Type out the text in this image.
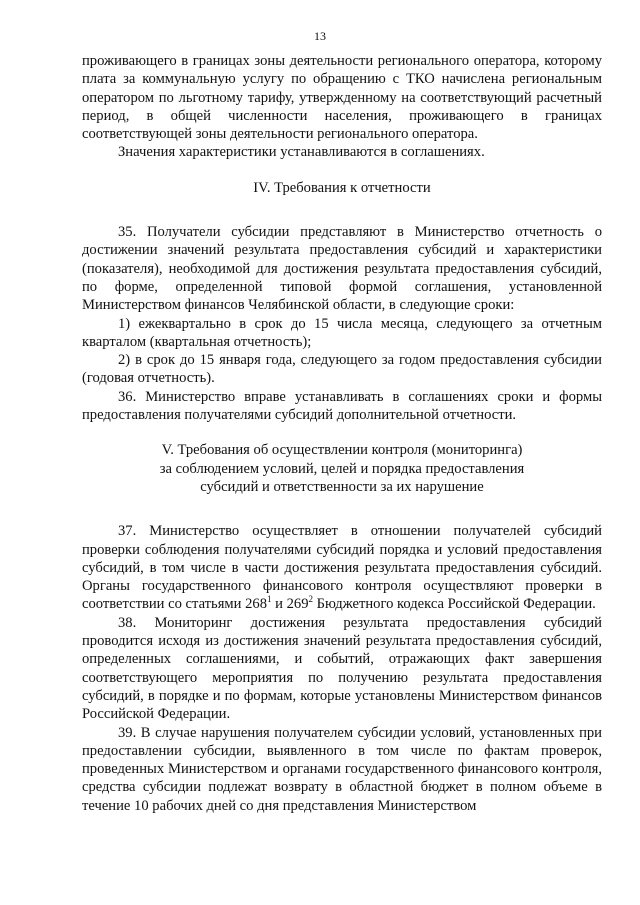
13

проживающего в границах зоны деятельности регионального оператора, которому плата за коммунальную услугу по обращению с ТКО начислена региональным оператором по льготному тарифу, утвержденному на соответствующий расчетный период, в общей численности населения, проживающего в границах соответствующей зоны деятельности регионального оператора.

Значения характеристики устанавливаются в соглашениях.

IV. Требования к отчетности

35. Получатели субсидии представляют в Министерство отчетность о достижении значений результата предоставления субсидий и характеристики (показателя), необходимой для достижения результата предоставления субсидий, по форме, определенной типовой формой соглашения, установленной Министерством финансов Челябинской области, в следующие сроки:

1) ежеквартально в срок до 15 числа месяца, следующего за отчетным кварталом (квартальная отчетность);

2) в срок до 15 января года, следующего за годом предоставления субсидии (годовая отчетность).

36. Министерство вправе устанавливать в соглашениях сроки и формы предоставления получателями субсидий дополнительной отчетности.

V. Требования об осуществлении контроля (мониторинга)

за соблюдением условий, целей и порядка предоставления

субсидий и ответственности за их нарушение

37. Министерство осуществляет в отношении получателей субсидий проверки соблюдения получателями субсидий порядка и условий предоставления субсидий, в том числе в части достижения результата предоставления субсидий. Органы государственного финансового контроля осуществляют проверки в соответствии со статьями $268^1$ и $269^2$ Бюджетного кодекса Российской Федерации.

38. Мониторинг достижения результата предоставления субсидий проводится исходя из достижения значений результата предоставления субсидий, определенных соглашениями, и событий, отражающих факт завершения соответствующего мероприятия по получению результата предоставления субсидий, в порядке и по формам, которые установлены Министерством финансов Российской Федерации.

39. В случае нарушения получателем субсидии условий, установленных при предоставлении субсидии, выявленного в том числе по фактам проверок, проведенных Министерством и органами государственного финансового контроля, средства субсидии подлежат возврату в областной бюджет в полном объеме в течение 10 рабочих дней со дня представления Министерством
